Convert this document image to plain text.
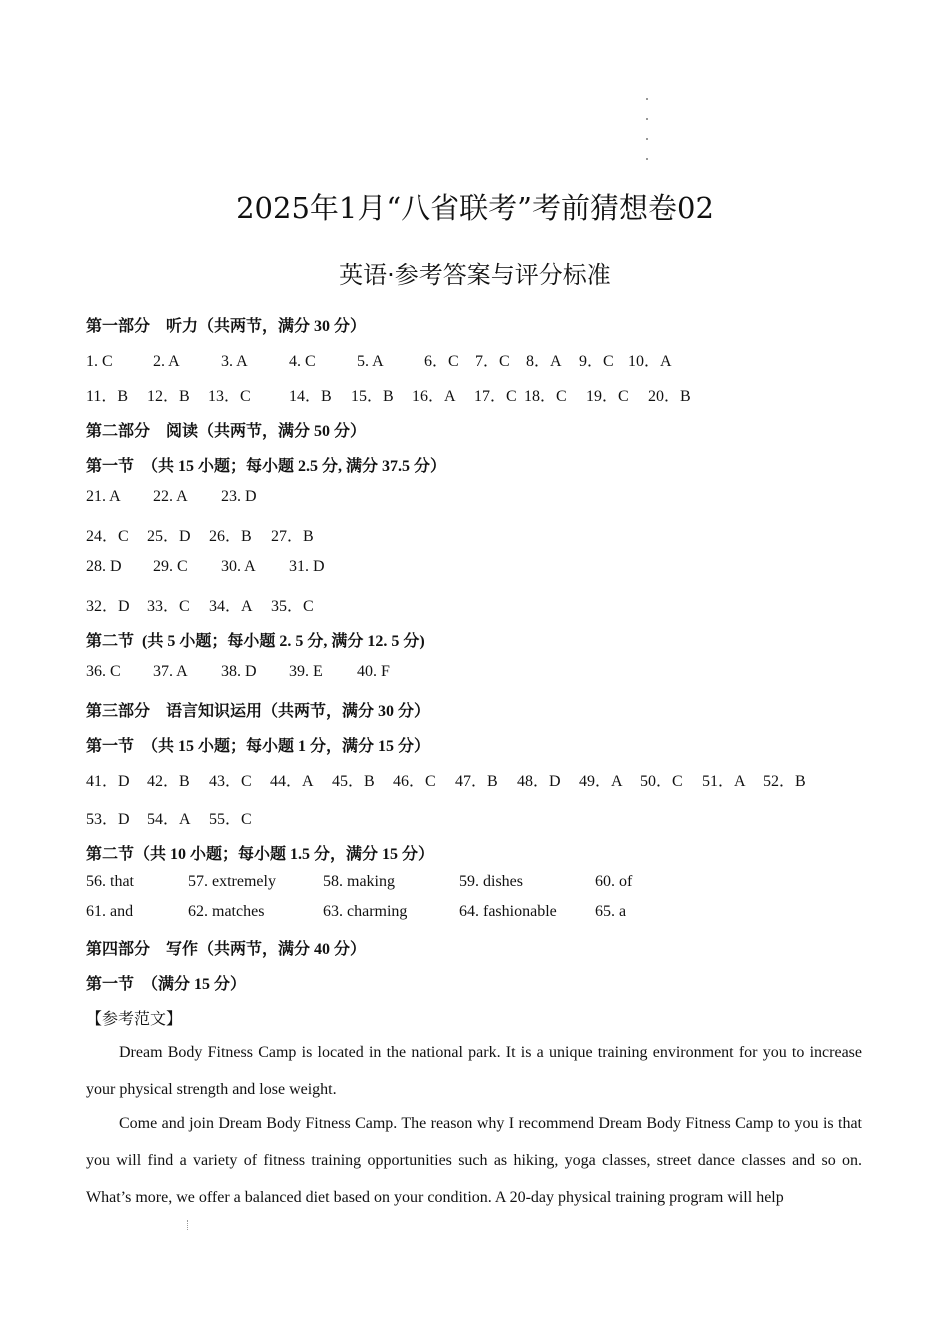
2025年1月“八省联考”考前猜想卷02
英语·参考答案与评分标准
第一部分    听力（共两节，满分 30 分）
1. C	2. A	3. A	4. C	5. A	6．C 7．C 8．A 9．C 10．A
11．B 12．B 13．C 14．B 15．B 16．A 17．C 18．C 19．C 20．B
第二部分    阅读（共两节，满分 50 分）
第一节  （共 15 小题；每小题 2.5 分, 满分 37.5 分）
21. A 22. A 23. D
24．C 25．D 26．B 27．B
28. D 29. C 30. A 31. D
32．D 33．C 34．A 35．C
第二节  (共 5 小题；每小题 2. 5 分, 满分 12. 5 分)
36. C 37. A 38. D 39. E 40. F
第三部分    语言知识运用（共两节，满分 30 分）
第一节  （共 15 小题；每小题 1 分，满分 15 分）
41．D 42．B 43．C 44．A 45．B 46．C 47．B 48．D 49．A 50．C 51．A 52．B
53．D 54．A 55．C
第二节（共 10 小题；每小题 1.5 分，满分 15 分）
56. that	57. extremely	58. making	59. dishes	60. of
61. and	62. matches	63. charming	64. fashionable 65. a
第四部分    写作（共两节，满分 40 分）
第一节  （满分 15 分）
【参考范文】
Dream Body Fitness Camp is located in the national park. It is a unique training environment for you to increase your physical strength and lose weight.
Come and join Dream Body Fitness Camp. The reason why I recommend Dream Body Fitness Camp to you is that you will find a variety of fitness training opportunities such as hiking, yoga classes, street dance classes and so on. What’s more, we offer a balanced diet based on your condition. A 20-day physical training program will help
